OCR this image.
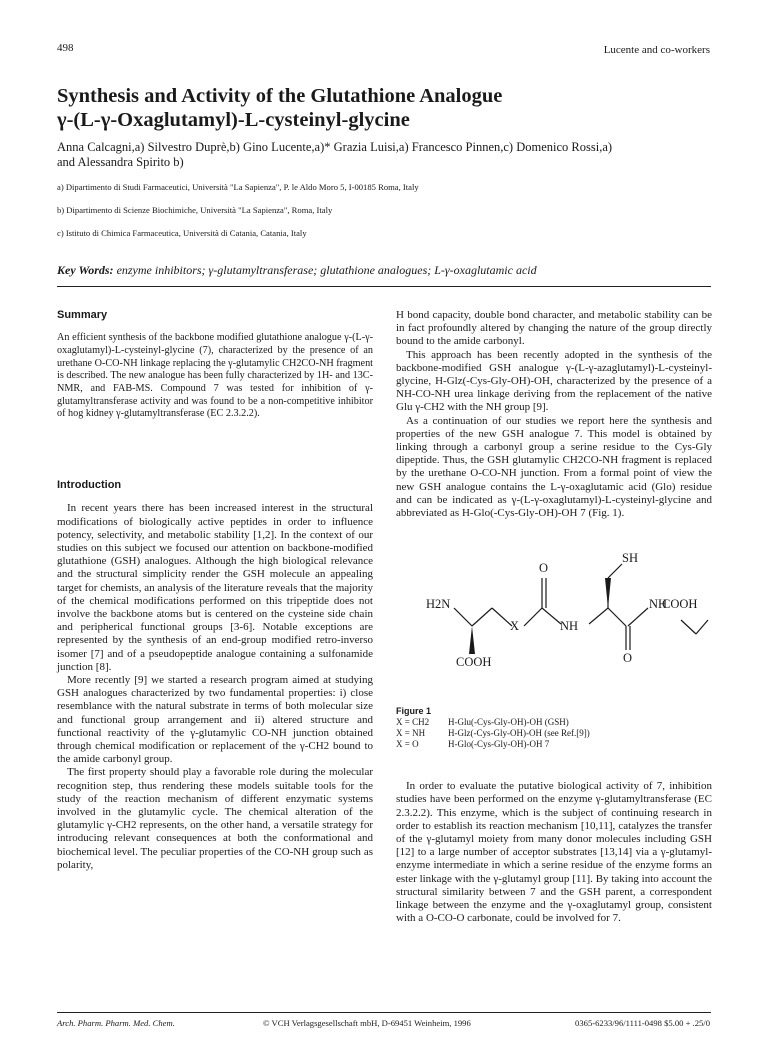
498	Lucente and co-workers
Synthesis and Activity of the Glutathione Analogue
γ-(L-γ-Oxaglutamyl)-L-cysteinyl-glycine
Anna Calcagni,a) Silvestro Duprè,b) Gino Lucente,a)* Grazia Luisi,a) Francesco Pinnen,c) Domenico Rossi,a)
and Alessandra Spirito b)
a) Dipartimento di Studi Farmaceutici, Università "La Sapienza", P. le Aldo Moro 5, I-00185 Roma, Italy
b) Dipartimento di Scienze Biochimiche, Università "La Sapienza", Roma, Italy
c) Istituto di Chimica Farmaceutica, Università di Catania, Catania, Italy
Key Words: enzyme inhibitors; γ-glutamyltransferase; glutathione analogues; L-γ-oxaglutamic acid
Summary

An efficient synthesis of the backbone modified glutathione analogue γ-(L-γ-oxaglutamyl)-L-cysteinyl-glycine (7), characterized by the presence of an urethane O-CO-NH linkage replacing the γ-glutamylic CH2CO-NH fragment is described. The new analogue has been fully characterized by 1H- and 13C-NMR, and FAB-MS. Compound 7 was tested for inhibition of γ-glutamyltransferase activity and was found to be a non-competitive inhibitor of hog kidney γ-glutamyltransferase (EC 2.3.2.2).

Introduction

In recent years there has been increased interest in the structural modifications of biologically active peptides in order to influence potency, selectivity, and metabolic stability [1,2]. In the context of our studies on this subject we focused our attention on backbone-modified glutathione (GSH) analogues. Although the high biological relevance and the structural simplicity render the GSH molecule an appealing target for chemists, an analysis of the literature reveals that the majority of the chemical modifications performed on this tripeptide does not involve the backbone atoms but is centered on the cysteine side chain and peripherical functional groups [3-6]. Notable exceptions are represented by the synthesis of an end-group modified retro-inverso isomer [7] and of a pseudopeptide analogue containing a sulfonamide junction [8].

More recently [9] we started a research program aimed at studying GSH analogues characterized by two fundamental properties: i) close resemblance with the natural substrate in terms of both molecular size and functional group arrangement and ii) altered structure and functional reactivity of the γ-glutamylic CO-NH junction obtained through chemical modification or replacement of the γ-CH2 bound to the amide carbonyl group.

The first property should play a favorable role during the molecular recognition step, thus rendering these models suitable tools for the study of the reaction mechanism of different enzymatic systems involved in the glutamylic cycle. The chemical alteration of the glutamylic γ-CH2 represents, on the other hand, a versatile strategy for introducing relevant consequences at both the conformational and biochemical level. The peculiar properties of the CO-NH group such as polarity,

H bond capacity, double bond character, and metabolic stability can be in fact profoundly altered by changing the nature of the group directly bound to the amide carbonyl.

This approach has been recently adopted in the synthesis of the backbone-modified GSH analogue γ-(L-γ-azaglutamyl)-L-cysteinyl-glycine, H-Glz(-Cys-Gly-OH)-OH, characterized by the presence of a NH-CO-NH urea linkage deriving from the replacement of the native Glu γ-CH2 with the NH group [9].

As a continuation of our studies we report here the synthesis and properties of the new GSH analogue 7. This model is obtained by linking through a carbonyl group a serine residue to the Cys-Gly dipeptide. Thus, the GSH glutamylic CH2CO-NH fragment is replaced by the urethane O-CO-NH junction. From a formal point of view the new GSH analogue contains the L-γ-oxaglutamic acid (Glo) residue and can be indicated as γ-(L-γ-oxaglutamyl)-L-cysteinyl-glycine and abbreviated as H-Glo(-Cys-Gly-OH)-OH 7 (Fig. 1).

SH
O
H2N
X	NH
NH
COOH
COOH	O
Figure 1
X = CH2	H-Glu(-Cys-Gly-OH)-OH (GSH)
X = NH	H-Glz(-Cys-Gly-OH)-OH (see Ref.[9])
X = O	H-Glo(-Cys-Gly-OH)-OH 7

In order to evaluate the putative biological activity of 7, inhibition studies have been performed on the enzyme γ-glutamyltransferase (EC 2.3.2.2). This enzyme, which is the subject of continuing research in order to establish its reaction mechanism [10,11], catalyzes the transfer of the γ-glutamyl moiety from many donor molecules including GSH [12] to a large number of acceptor substrates [13,14] via a γ-glutamyl-enzyme intermediate in which a serine residue of the enzyme forms an ester linkage with the γ-glutamyl group [11]. By taking into account the structural similarity between 7 and the GSH parent, a correspondent linkage between the enzyme and the γ-oxaglutamyl group, consistent with a O-CO-O carbonate, could be involved for 7.

Arch. Pharm. Pharm. Med. Chem.	© VCH Verlagsgesellschaft mbH, D-69451 Weinheim, 1996	0365-6233/96/1111-0498 $5.00 + .25/0
